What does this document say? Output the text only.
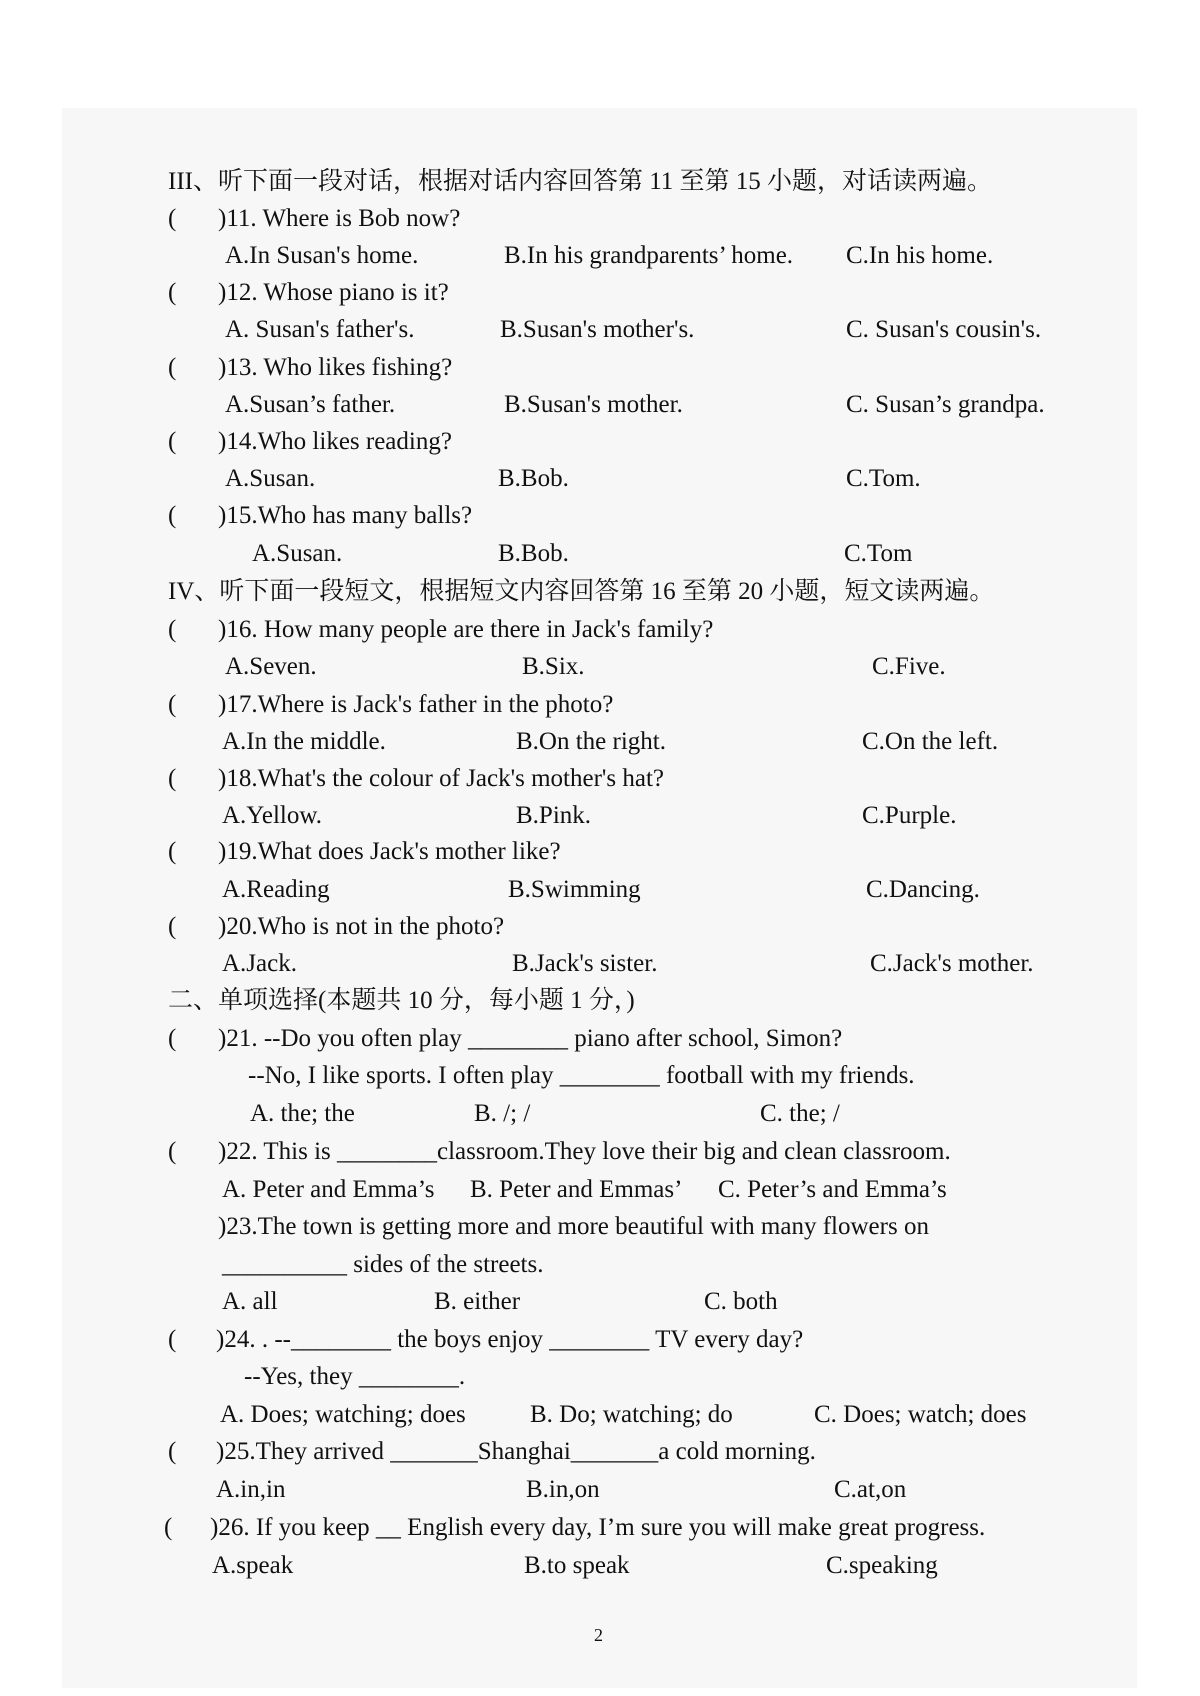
III、听下面一段对话，根据对话内容回答第 11 至第 15 小题，对话读两遍。
( )11. Where is Bob now?
A.In Susan's home.	B.In his grandparents’ home. C.In his home.
( )12. Whose piano is it?
A. Susan's father's.	B.Susan's mother's.	C. Susan's cousin's.
( )13. Who likes fishing?
A.Susan’s father.	B.Susan's mother.	C. Susan’s grandpa.
( )14.Who likes reading?
A.Susan.	B.Bob.	C.Tom.
( )15.Who has many balls?
A.Susan.	B.Bob.	C.Tom
IV、听下面一段短文，根据短文内容回答第 16 至第 20 小题，短文读两遍。
( )16. How many people are there in Jack's family?
A.Seven.	B.Six.	C.Five.
( )17.Where is Jack's father in the photo?
A.In the middle.	B.On the right.	C.On the left.
( )18.What's the colour of Jack's mother's hat?
A.Yellow.	B.Pink.	C.Purple.
( )19.What does Jack's mother like?
A.Reading	B.Swimming	C.Dancing.
( )20.Who is not in the photo?
A.Jack.	B.Jack's sister.	C.Jack's mother.
二、单项选择(本题共 10 分，每小题 1 分，)
( )21. --Do you often play ________ piano after school, Simon?
--No, I like sports. I often play ________ football with my friends.
A. the; the	B. /; /	C. the; /
( )22. This is ________classroom.They love their big and clean classroom.
A. Peter and Emma’s B. Peter and Emmas’ C. Peter’s and Emma’s
)23.The town is getting more and more beautiful with many flowers on
__________ sides of the streets.
A. all	B. either	C. both
( )24. . --________ the boys enjoy ________ TV every day?
--Yes, they ________.
A. Does; watching; does	B. Do; watching; do	C. Does; watch; does
( )25.They arrived _______Shanghai_______a cold morning.
A.in,in	B.in,on	C.at,on
( )26. If you keep __ English every day, I’m sure you will make great progress.
A.speak	B.to speak	C.speaking
2
